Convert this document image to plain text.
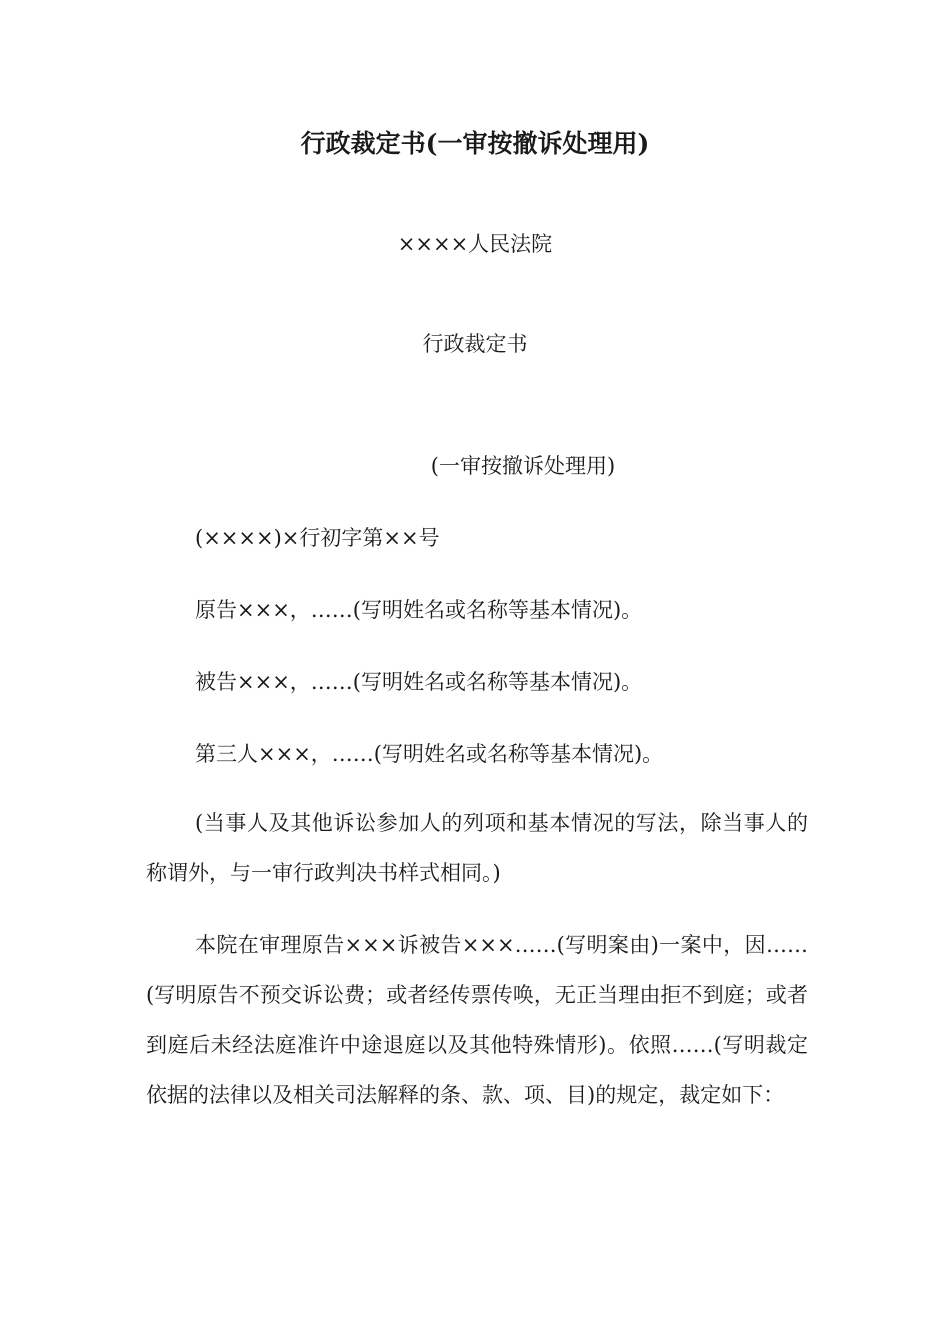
行政裁定书(一审按撤诉处理用)
××××人民法院
行政裁定书
(一审按撤诉处理用)
(××××)×行初字第××号
原告×××，……(写明姓名或名称等基本情况)。
被告×××，……(写明姓名或名称等基本情况)。
第三人×××，……(写明姓名或名称等基本情况)。
(当事人及其他诉讼参加人的列项和基本情况的写法，除当事人的称谓外，与一审行政判决书样式相同。)
本院在审理原告×××诉被告×××……(写明案由)一案中，因……(写明原告不预交诉讼费；或者经传票传唤，无正当理由拒不到庭；或者到庭后未经法庭准许中途退庭以及其他特殊情形)。依照……(写明裁定依据的法律以及相关司法解释的条、款、项、目)的规定，裁定如下：
